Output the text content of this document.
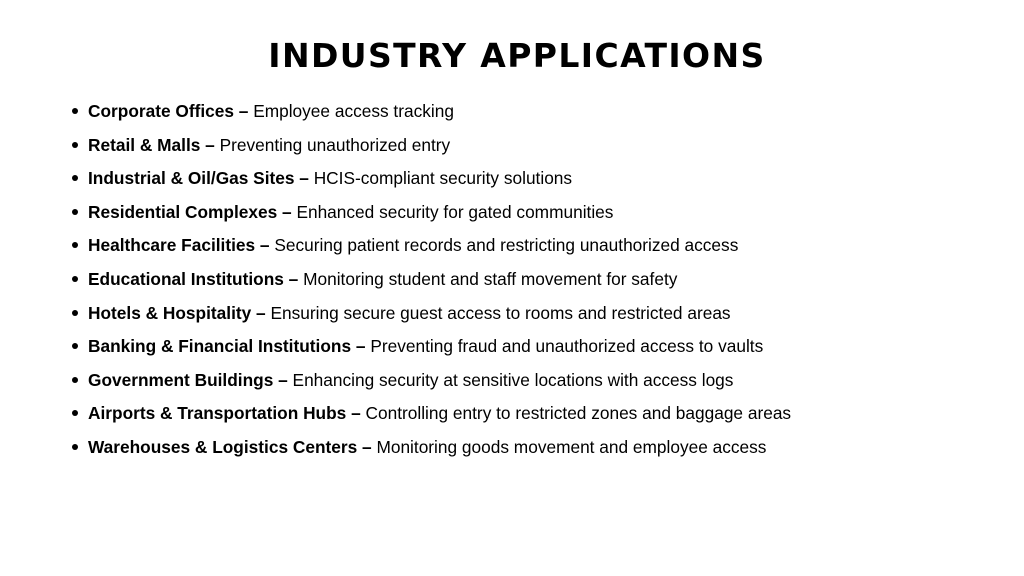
INDUSTRY APPLICATIONS
Corporate Offices – Employee access tracking
Retail & Malls – Preventing unauthorized entry
Industrial & Oil/Gas Sites – HCIS-compliant security solutions
Residential Complexes – Enhanced security for gated communities
Healthcare Facilities – Securing patient records and restricting unauthorized access
Educational Institutions – Monitoring student and staff movement for safety
Hotels & Hospitality – Ensuring secure guest access to rooms and restricted areas
Banking & Financial Institutions – Preventing fraud and unauthorized access to vaults
Government Buildings – Enhancing security at sensitive locations with access logs
Airports & Transportation Hubs – Controlling entry to restricted zones and baggage areas
Warehouses & Logistics Centers – Monitoring goods movement and employee access
